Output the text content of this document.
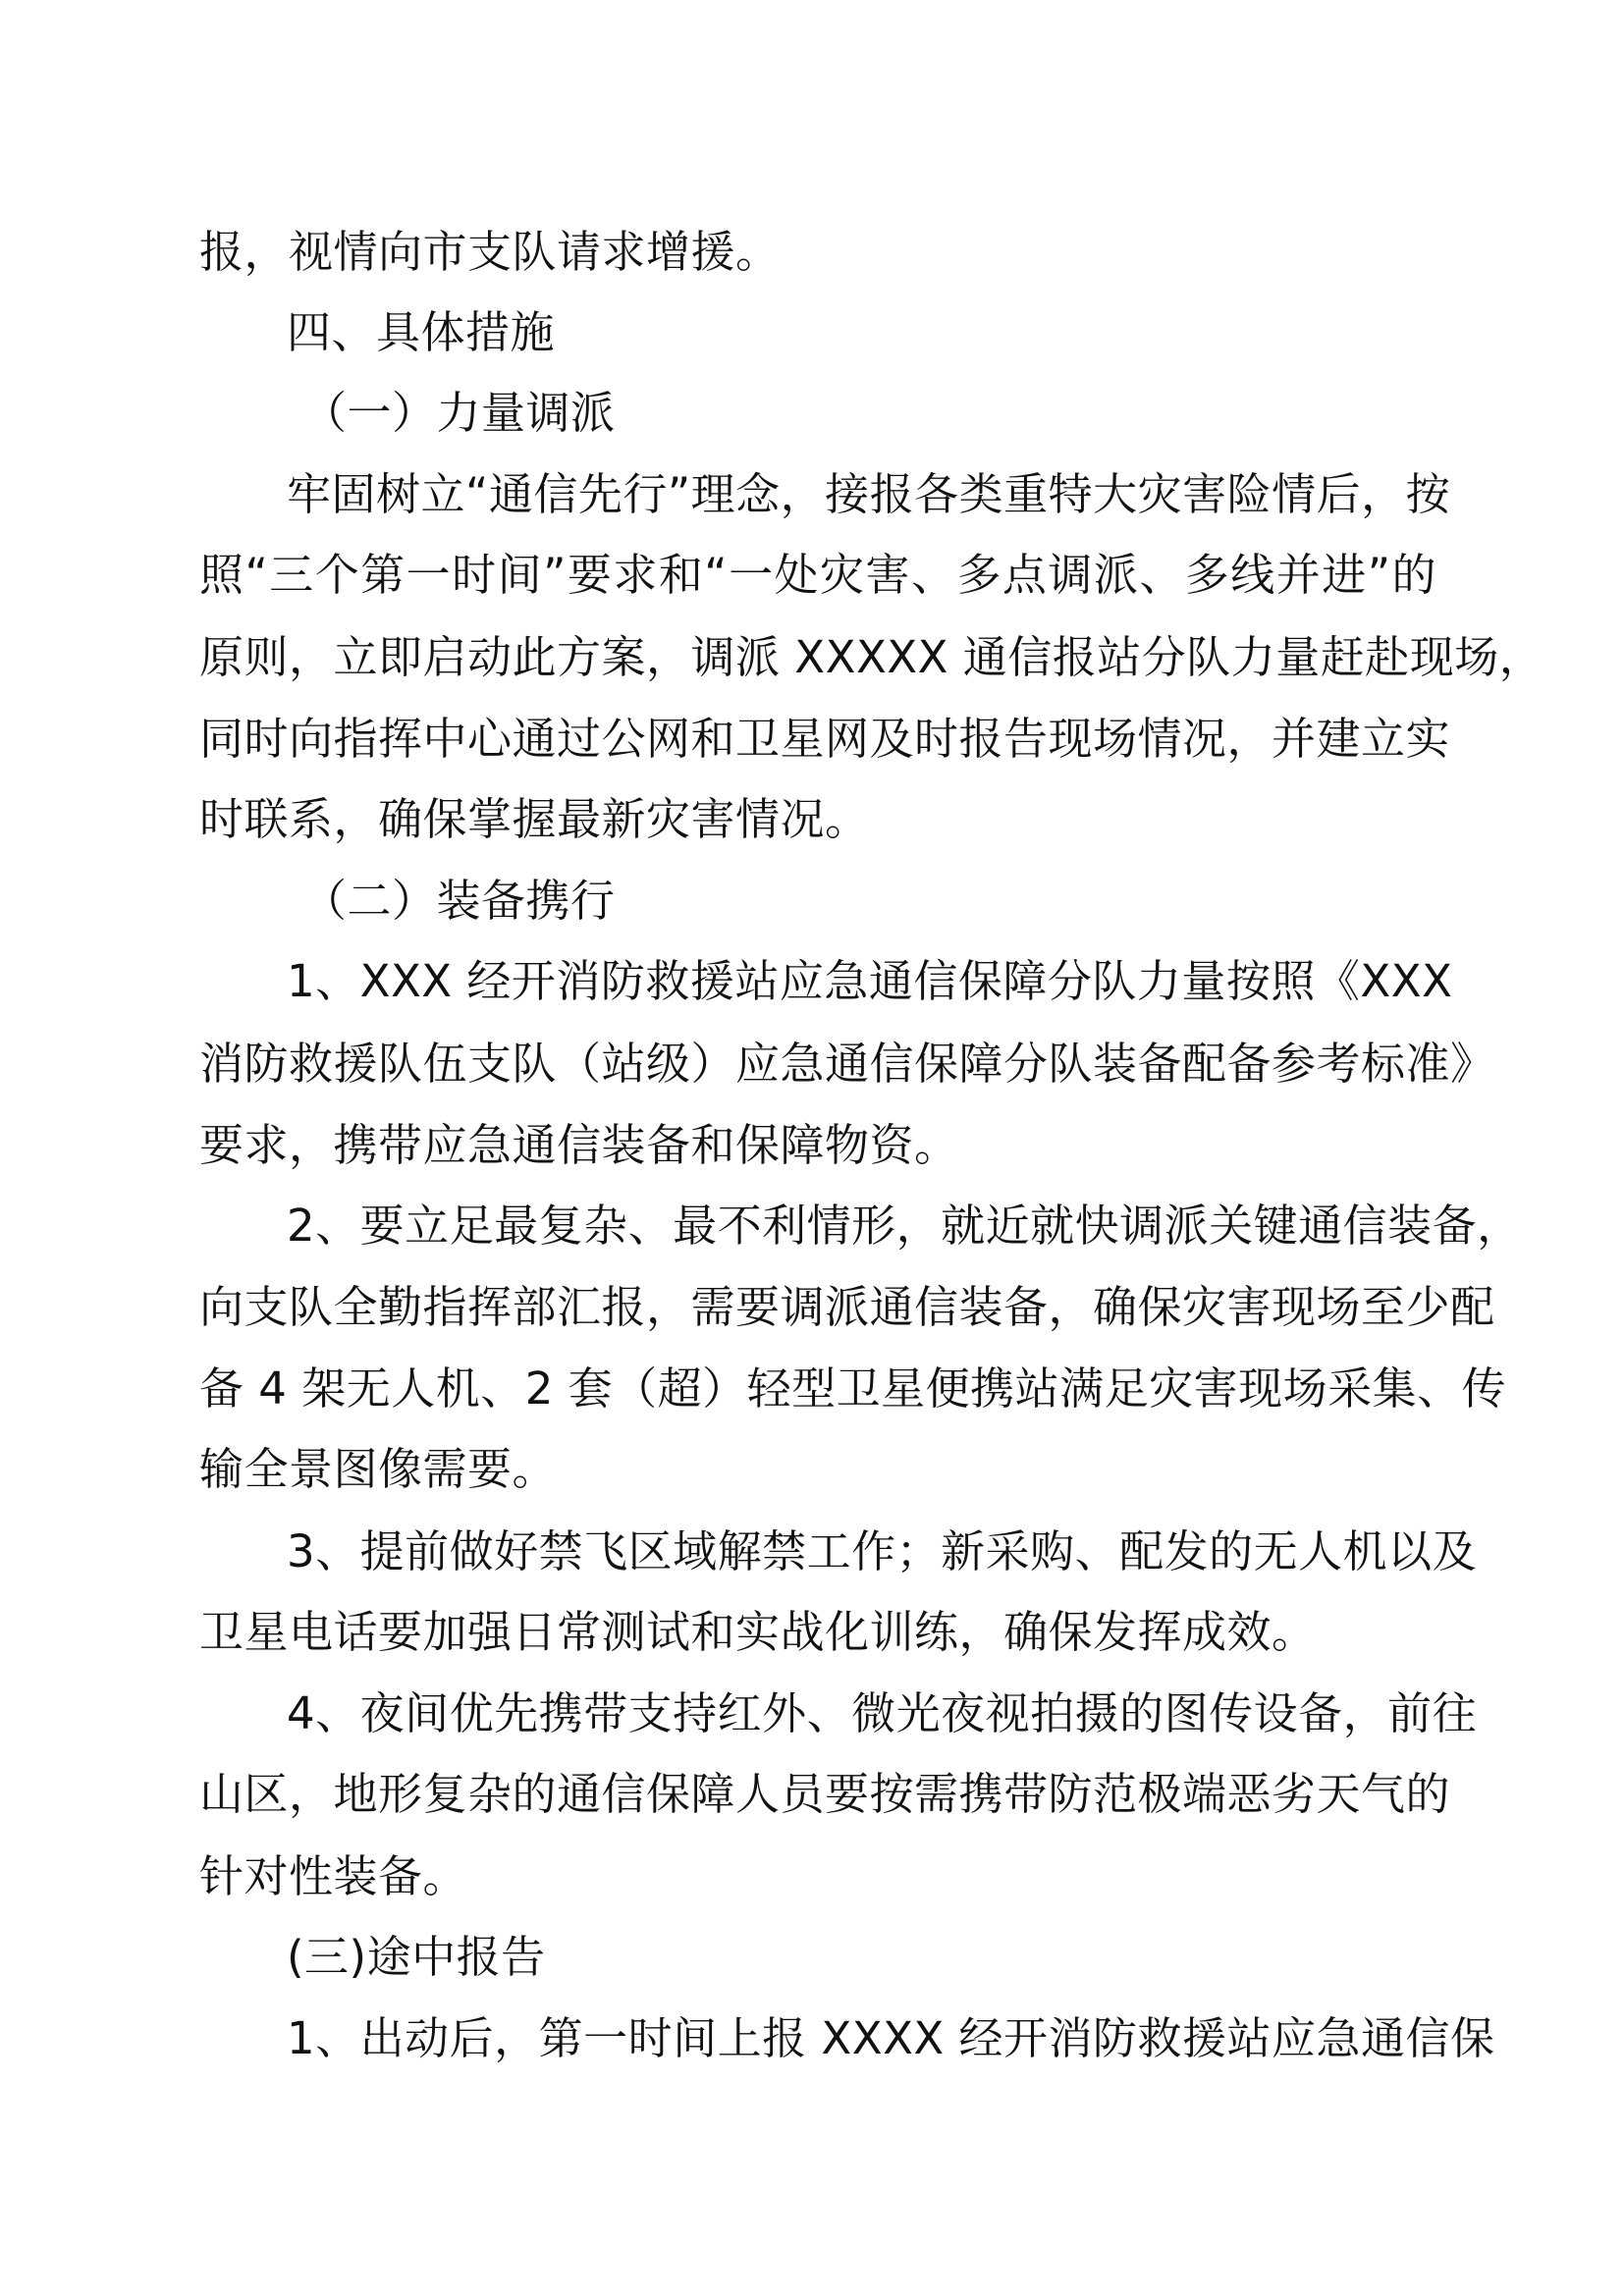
报，视情向市支队请求增援。
四、具体措施
（一）力量调派
牢固树立“通信先行”理念，接报各类重特大灾害险情后，按
照“三个第一时间”要求和“一处灾害、多点调派、多线并进”的
原则，立即启动此方案，调派 XXXXX 通信报站分队力量赶赴现场，
同时向指挥中心通过公网和卫星网及时报告现场情况，并建立实
时联系，确保掌握最新灾害情况。
（二）装备携行
1、XXX 经开消防救援站应急通信保障分队力量按照《XXX
消防救援队伍支队（站级）应急通信保障分队装备配备参考标准》
要求，携带应急通信装备和保障物资。
2、要立足最复杂、最不利情形，就近就快调派关键通信装备，
向支队全勤指挥部汇报，需要调派通信装备，确保灾害现场至少配
备 4 架无人机、2 套（超）轻型卫星便携站满足灾害现场采集、传
输全景图像需要。
3、提前做好禁飞区域解禁工作；新采购、配发的无人机以及
卫星电话要加强日常测试和实战化训练，确保发挥成效。
4、夜间优先携带支持红外、微光夜视拍摄的图传设备，前往
山区，地形复杂的通信保障人员要按需携带防范极端恶劣天气的
针对性装备。
(三)途中报告
1、出动后，第一时间上报 XXXX 经开消防救援站应急通信保
